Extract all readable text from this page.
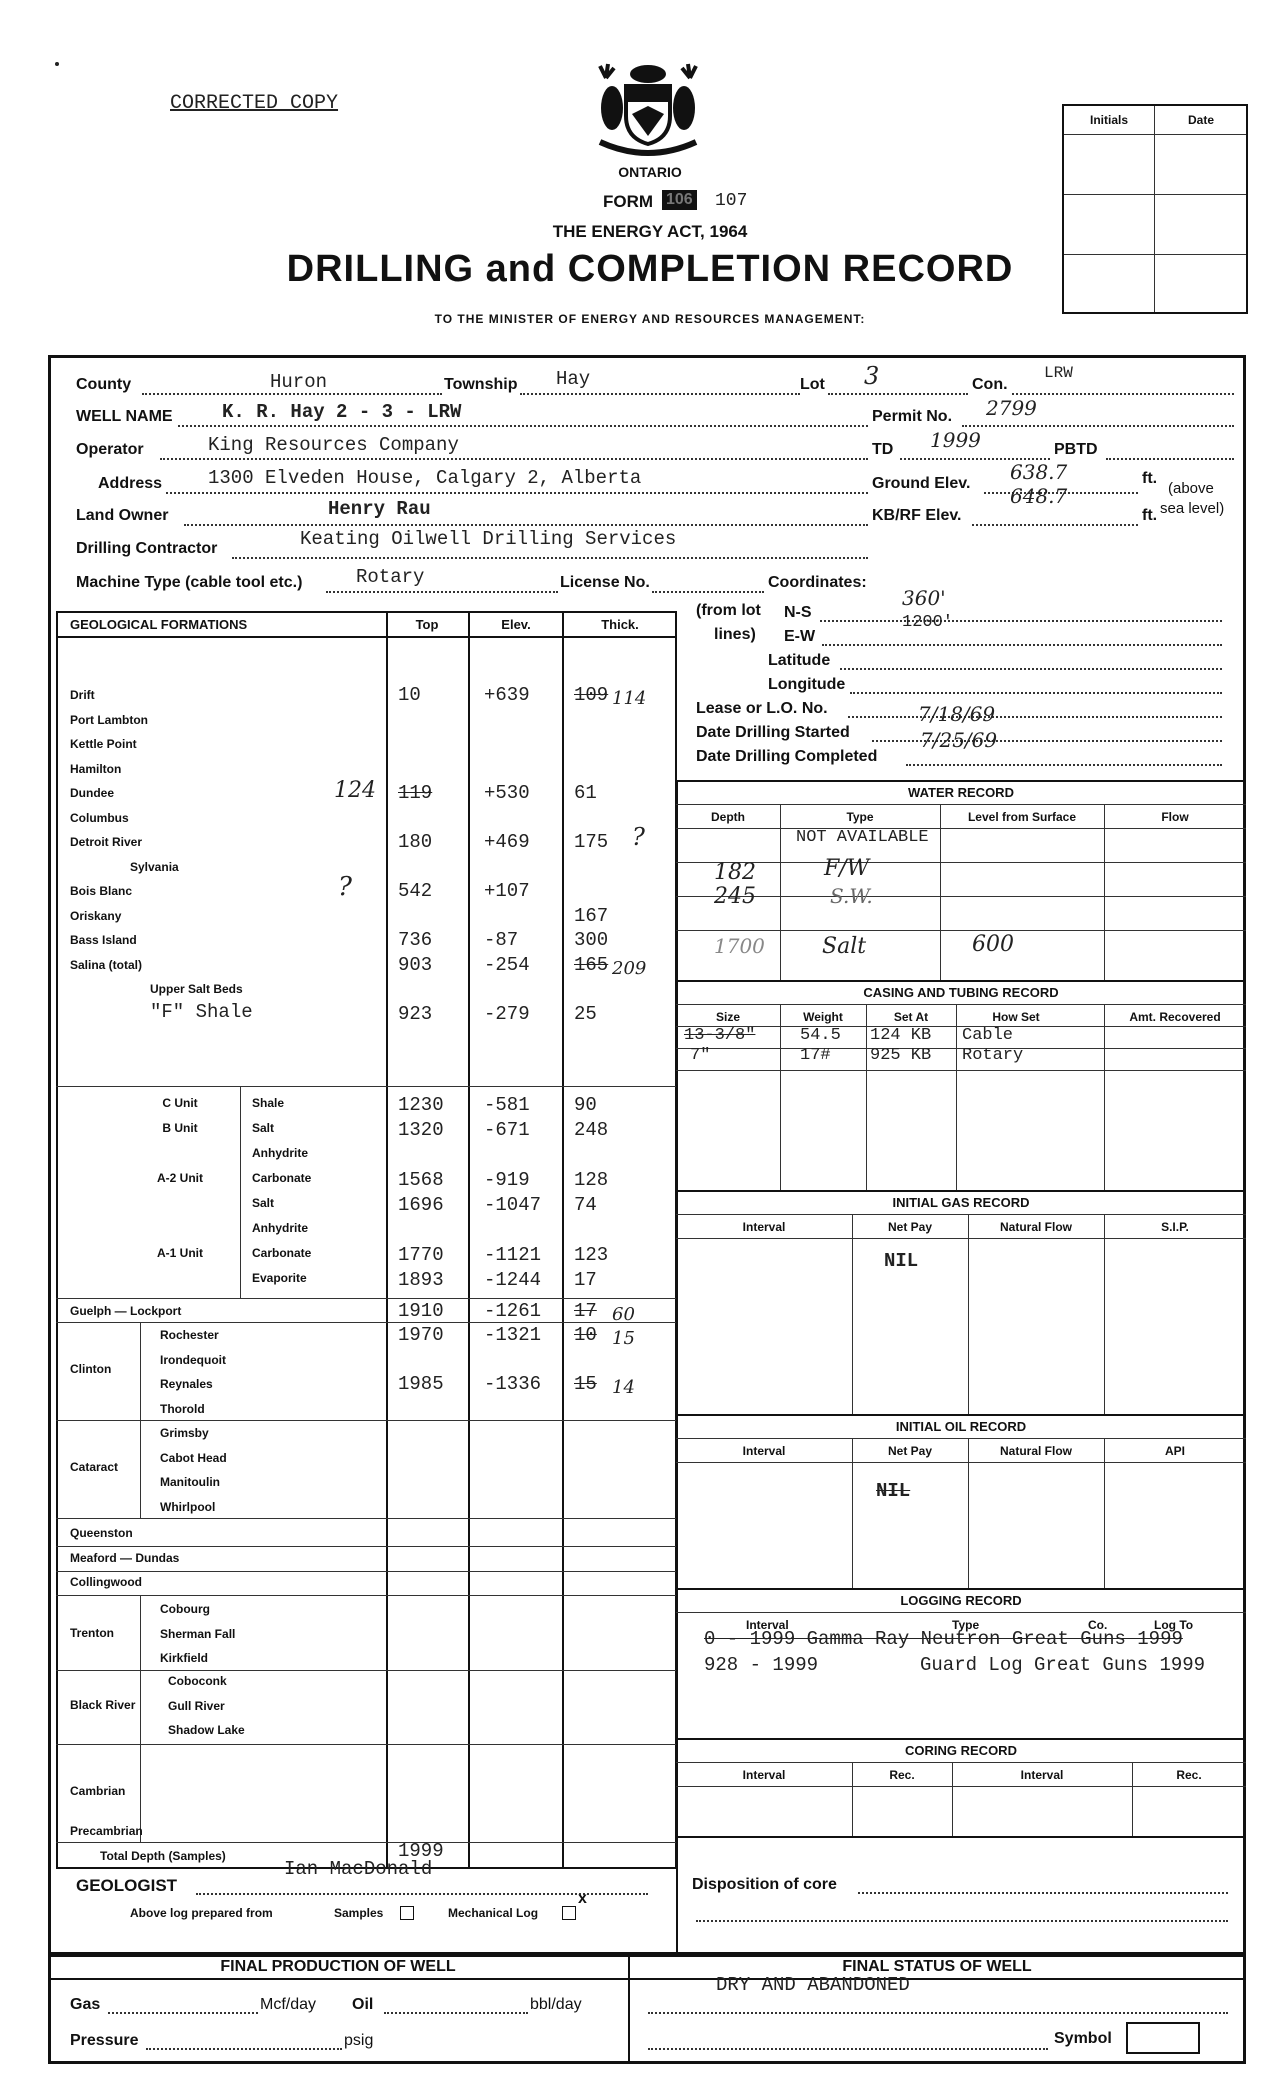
CORRECTED COPY
ONTARIO
FORM 106 107
THE ENERGY ACT, 1964
DRILLING and COMPLETION RECORD
TO THE MINISTER OF ENERGY AND RESOURCES MANAGEMENT:
Initials	Date
County	Huron	Township Hay	Lot 3	Con.
LRW
WELL NAME	K. R. Hay 2 - 3 - LRW	Permit No. 2799
Operator	King Resources Company	TD 1999	PBTD
Address 1300 Elveden House, Calgary 2, Alberta	Ground Elev. 638.7	ft.
(above
Land Owner	Henry Rau	KB/RF Elev.
648.7
ft. sea level)
Drilling Contractor	Keating Oilwell Drilling Services
Machine Type (cable tool etc.)	Rotary	License No.	Coordinates:
(from lot N-S
360'
lines) E-W
1200'
Latitude
Longitude
Lease or L.O. No.
Date Drilling Started
7/18/69
Date Drilling Completed
7/25/69
GEOLOGICAL FORMATIONS	Top	Elev.	Thick.
Drift	10	+639 109 114
Port Lambton
Kettle Point
Hamilton
Dundee	124 119	+530 61
Columbus
Detroit River	180	+469 175 ?
Sylvania
Bois Blanc	? 542	+107
Oriskany	167
Bass Island	736	-87	300
Salina (total)	903	-254 165 209
Upper Salt Beds
"F" Shale	923	-279 25
C Unit	Shale	1230 -581 90
B Unit	Salt	1320 -671 248
Anhydrite
A-2 Unit	Carbonate	1568 -919 128
Salt	1696 -1047 74
Anhydrite
A-1 Unit	Carbonate	1770 -1121 123
Evaporite	1893 -1244 17
Guelph — Lockport	1910 -1261 17 60
Clinton
Rochester	1970 -1321 10 15
Irondequoit
Reynales	1985 -1336 15 14
Thorold
Cataract
Grimsby
Cabot Head
Manitoulin
Whirlpool
Queenston
Meaford — Dundas
Collingwood
Trenton
Cobourg
Sherman Fall
Kirkfield
Black River
Coboconk
Gull River
Shadow Lake
Cambrian
Precambrian
Total Depth (Samples)	1999
GEOLOGIST
Ian MacDonald
Above log prepared from	Samples	Mechanical Log
x
WATER RECORD
Depth	Type	Level from Surface	Flow
NOT AVAILABLE
182	F/W
245	S.W.
1700	Salt	600
CASING AND TUBING RECORD
Size	Weight	Set At	How Set	Amt. Recovered
13-3/8"	54.5 124 KB Cable
7"	17# 925 KB Rotary
INITIAL GAS RECORD
Interval	Net Pay	Natural Flow	S.I.P.
NIL
INITIAL OIL RECORD
Interval	Net Pay	Natural Flow	API
NIL
LOGGING RECORD
Interval	Type	Co.	Log To
0 - 1999 Gamma Ray Neutron Great Guns 1999
928 - 1999	Guard Log Great Guns 1999
CORING RECORD
Interval	Rec.	Interval	Rec.
Disposition of core
FINAL PRODUCTION OF WELL	FINAL STATUS OF WELL
Gas	Mcf/day Oil	bbl/day
Pressure	psig
DRY AND ABANDONED
Symbol
